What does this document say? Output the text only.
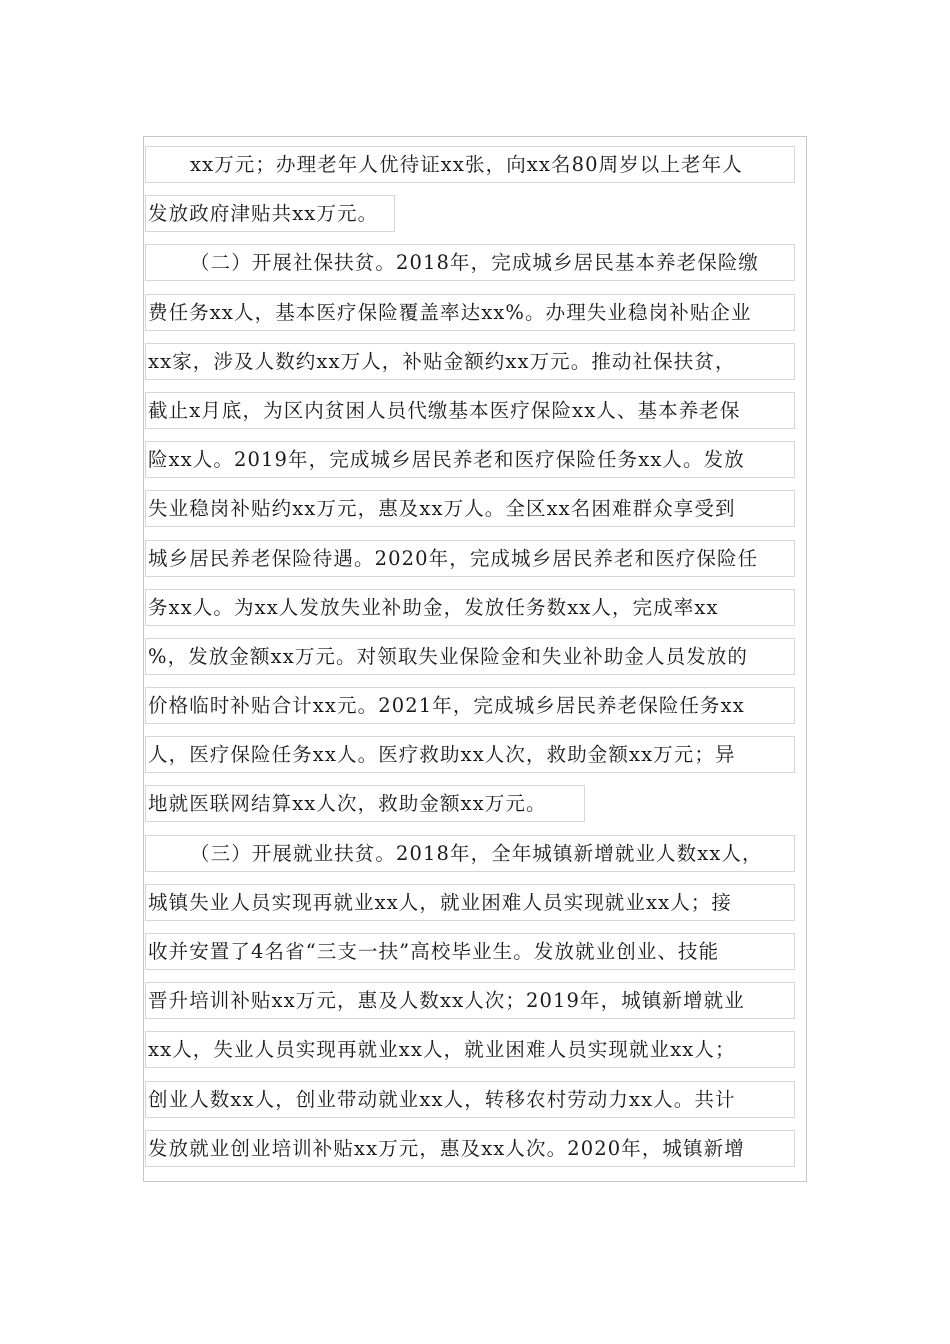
xx万元；办理老年人优待证xx张，向xx名80周岁以上老年人
发放政府津贴共xx万元。
（二）开展社保扶贫。2018年，完成城乡居民基本养老保险缴
费任务xx人，基本医疗保险覆盖率达xx%。办理失业稳岗补贴企业
xx家，涉及人数约xx万人，补贴金额约xx万元。推动社保扶贫，
截止x月底，为区内贫困人员代缴基本医疗保险xx人、基本养老保
险xx人。2019年，完成城乡居民养老和医疗保险任务xx人。发放
失业稳岗补贴约xx万元，惠及xx万人。全区xx名困难群众享受到
城乡居民养老保险待遇。2020年，完成城乡居民养老和医疗保险任
务xx人。为xx人发放失业补助金，发放任务数xx人，完成率xx
%，发放金额xx万元。对领取失业保险金和失业补助金人员发放的
价格临时补贴合计xx元。2021年，完成城乡居民养老保险任务xx
人，医疗保险任务xx人。医疗救助xx人次，救助金额xx万元；异
地就医联网结算xx人次，救助金额xx万元。
（三）开展就业扶贫。2018年，全年城镇新增就业人数xx人，
城镇失业人员实现再就业xx人，就业困难人员实现就业xx人；接
收并安置了4名省“三支一扶”高校毕业生。发放就业创业、技能
晋升培训补贴xx万元，惠及人数xx人次；2019年，城镇新增就业
xx人，失业人员实现再就业xx人，就业困难人员实现就业xx人；
创业人数xx人，创业带动就业xx人，转移农村劳动力xx人。共计
发放就业创业培训补贴xx万元，惠及xx人次。2020年，城镇新增
